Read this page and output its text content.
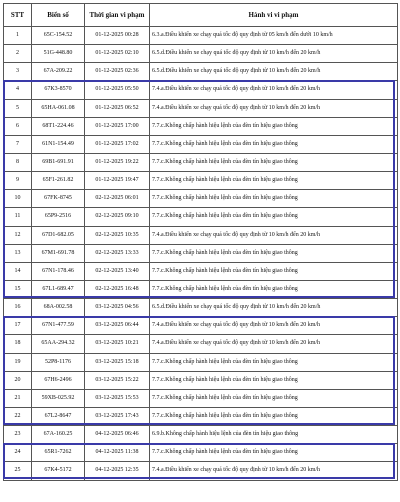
STT	Biển số	Thời gian vi phạm	Hành vi vi phạm
1	65C-154.52	01-12-2025 00:28	6.3.a.Điều khiển xe chạy quá tốc độ quy định từ 05 km/h đến dưới 10 km/h
2	51G-448.80	01-12-2025 02:10	6.5.d.Điều khiển xe chạy quá tốc độ quy định từ 10 km/h đến 20 km/h
3	67A-209.22	01-12-2025 02:36	6.5.d.Điều khiển xe chạy quá tốc độ quy định từ 10 km/h đến 20 km/h
4	67K3-8570	01-12-2025 05:50	7.4.a.Điều khiển xe chạy quá tốc độ quy định từ 10 km/h đến 20 km/h
5	65HA-061.08	01-12-2025 06:52	7.4.a.Điều khiển xe chạy quá tốc độ quy định từ 10 km/h đến 20 km/h
6	68T1-224.46	01-12-2025 17:00	7.7.c.Không chấp hành hiệu lệnh của đèn tín hiệu giao thông
7	61N1-154.49	01-12-2025 17:02	7.7.c.Không chấp hành hiệu lệnh của đèn tín hiệu giao thông
8	69B1-691.91	01-12-2025 19:22	7.7.c.Không chấp hành hiệu lệnh của đèn tín hiệu giao thông
9	65F1-261.82	01-12-2025 19:47	7.7.c.Không chấp hành hiệu lệnh của đèn tín hiệu giao thông
10	67FK-8745	02-12-2025 06:01	7.7.c.Không chấp hành hiệu lệnh của đèn tín hiệu giao thông
11	65P9-2516	02-12-2025 09:10	7.7.c.Không chấp hành hiệu lệnh của đèn tín hiệu giao thông
12	67D1-682.05	02-12-2025 10:35	7.4.a.Điều khiển xe chạy quá tốc độ quy định từ 10 km/h đến 20 km/h
13	67M1-691.78	02-12-2025 13:33	7.7.c.Không chấp hành hiệu lệnh của đèn tín hiệu giao thông
14	67N1-178.46	02-12-2025 13:40	7.7.c.Không chấp hành hiệu lệnh của đèn tín hiệu giao thông
15	67L1-689.47	02-12-2025 16:48	7.7.c.Không chấp hành hiệu lệnh của đèn tín hiệu giao thông
16	68A-002.58	03-12-2025 04:56	6.5.d.Điều khiển xe chạy quá tốc độ quy định từ 10 km/h đến 20 km/h
17	67N1-477.59	03-12-2025 06:44	7.4.a.Điều khiển xe chạy quá tốc độ quy định từ 10 km/h đến 20 km/h
18	65AA-294.32	03-12-2025 10:21	7.4.a.Điều khiển xe chạy quá tốc độ quy định từ 10 km/h đến 20 km/h
19	52P8-1176	03-12-2025 15:18	7.7.c.Không chấp hành hiệu lệnh của đèn tín hiệu giao thông
20	67H6-2496	03-12-2025 15:22	7.7.c.Không chấp hành hiệu lệnh của đèn tín hiệu giao thông
21	59XB-025.92	03-12-2025 15:53	7.7.c.Không chấp hành hiệu lệnh của đèn tín hiệu giao thông
22	67L2-8647	03-12-2025 17:43	7.7.c.Không chấp hành hiệu lệnh của đèn tín hiệu giao thông
23	67A-160.25	04-12-2025 06:46	6.9.b.Không chấp hành hiệu lệnh của đèn tín hiệu giao thông
24	65R1-7262	04-12-2025 11:38	7.7.c.Không chấp hành hiệu lệnh của đèn tín hiệu giao thông
25	67K4-5172	04-12-2025 12:35	7.4.a.Điều khiển xe chạy quá tốc độ quy định từ 10 km/h đến 20 km/h
